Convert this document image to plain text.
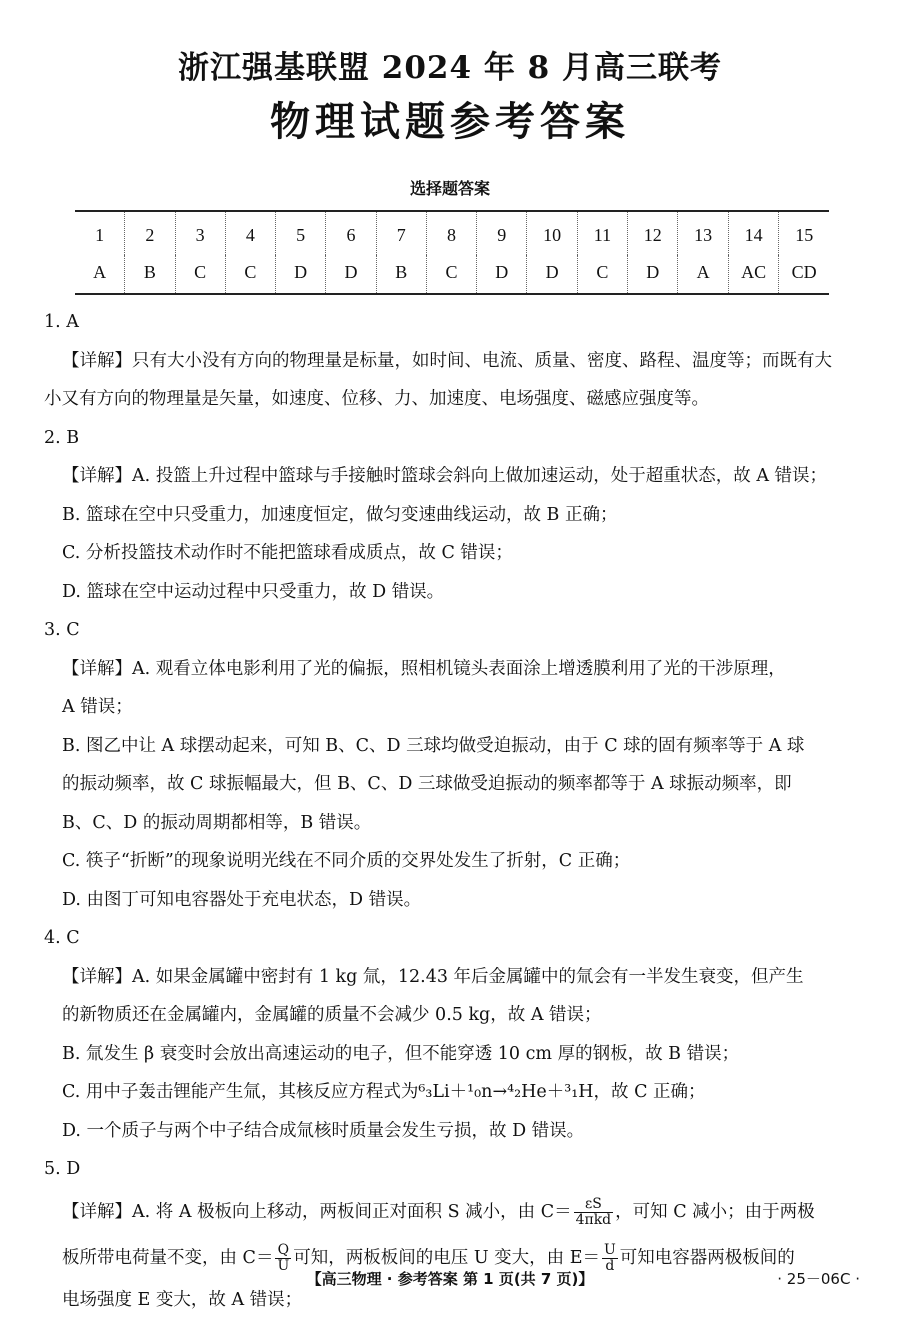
浙江强基联盟 2024 年 8 月高三联考
物理试题参考答案
选择题答案
1	2	3	4	5	6	7	8	9	10	11	12	13	14	15
A	B	C	C	D	D	B	C	D	D	C	D	A	AC	CD

1. A

【详解】只有大小没有方向的物理量是标量，如时间、电流、质量、密度、路程、温度等；而既有大

小又有方向的物理量是矢量，如速度、位移、力、加速度、电场强度、磁感应强度等。

2. B

【详解】A. 投篮上升过程中篮球与手接触时篮球会斜向上做加速运动，处于超重状态，故 A 错误；

B. 篮球在空中只受重力，加速度恒定，做匀变速曲线运动，故 B 正确；

C. 分析投篮技术动作时不能把篮球看成质点，故 C 错误；

D. 篮球在空中运动过程中只受重力，故 D 错误。

3. C

【详解】A. 观看立体电影利用了光的偏振，照相机镜头表面涂上增透膜利用了光的干涉原理，

A 错误；

B. 图乙中让 A 球摆动起来，可知 B、C、D 三球均做受迫振动，由于 C 球的固有频率等于 A 球

的振动频率，故 C 球振幅最大，但 B、C、D 三球做受迫振动的频率都等于 A 球振动频率，即

B、C、D 的振动周期都相等，B 错误。

C. 筷子“折断”的现象说明光线在不同介质的交界处发生了折射，C 正确；

D. 由图丁可知电容器处于充电状态，D 错误。

4. C

【详解】A. 如果金属罐中密封有 1 kg 氚，12.43 年后金属罐中的氚会有一半发生衰变，但产生

的新物质还在金属罐内，金属罐的质量不会减少 0.5 kg，故 A 错误；

B. 氚发生 β 衰变时会放出高速运动的电子，但不能穿透 10 cm 厚的钢板，故 B 错误；

C. 用中子轰击锂能产生氚，其核反应方程式为⁶₃Li＋¹₀n→⁴₂He＋³₁H，故 C 正确；

D. 一个质子与两个中子结合成氚核时质量会发生亏损，故 D 错误。

5. D

【详解】A. 将 A 极板向上移动，两板间正对面积 S 减小，由 $C= \frac{\varepsilon S}{\text{4πkd}}$ ，可知 C 减小；由于两极

板所带电荷量不变，由 $C= \frac{Q}{U}$ 可知，两板板间的电压 U 变大，由 $E= \frac{U}{d}$ 可知电容器两极板间的

电场强度 E 变大，故 A 错误；

【高三物理 · 参考答案 第 1 页(共 7 页)】	· 25－06C ·
